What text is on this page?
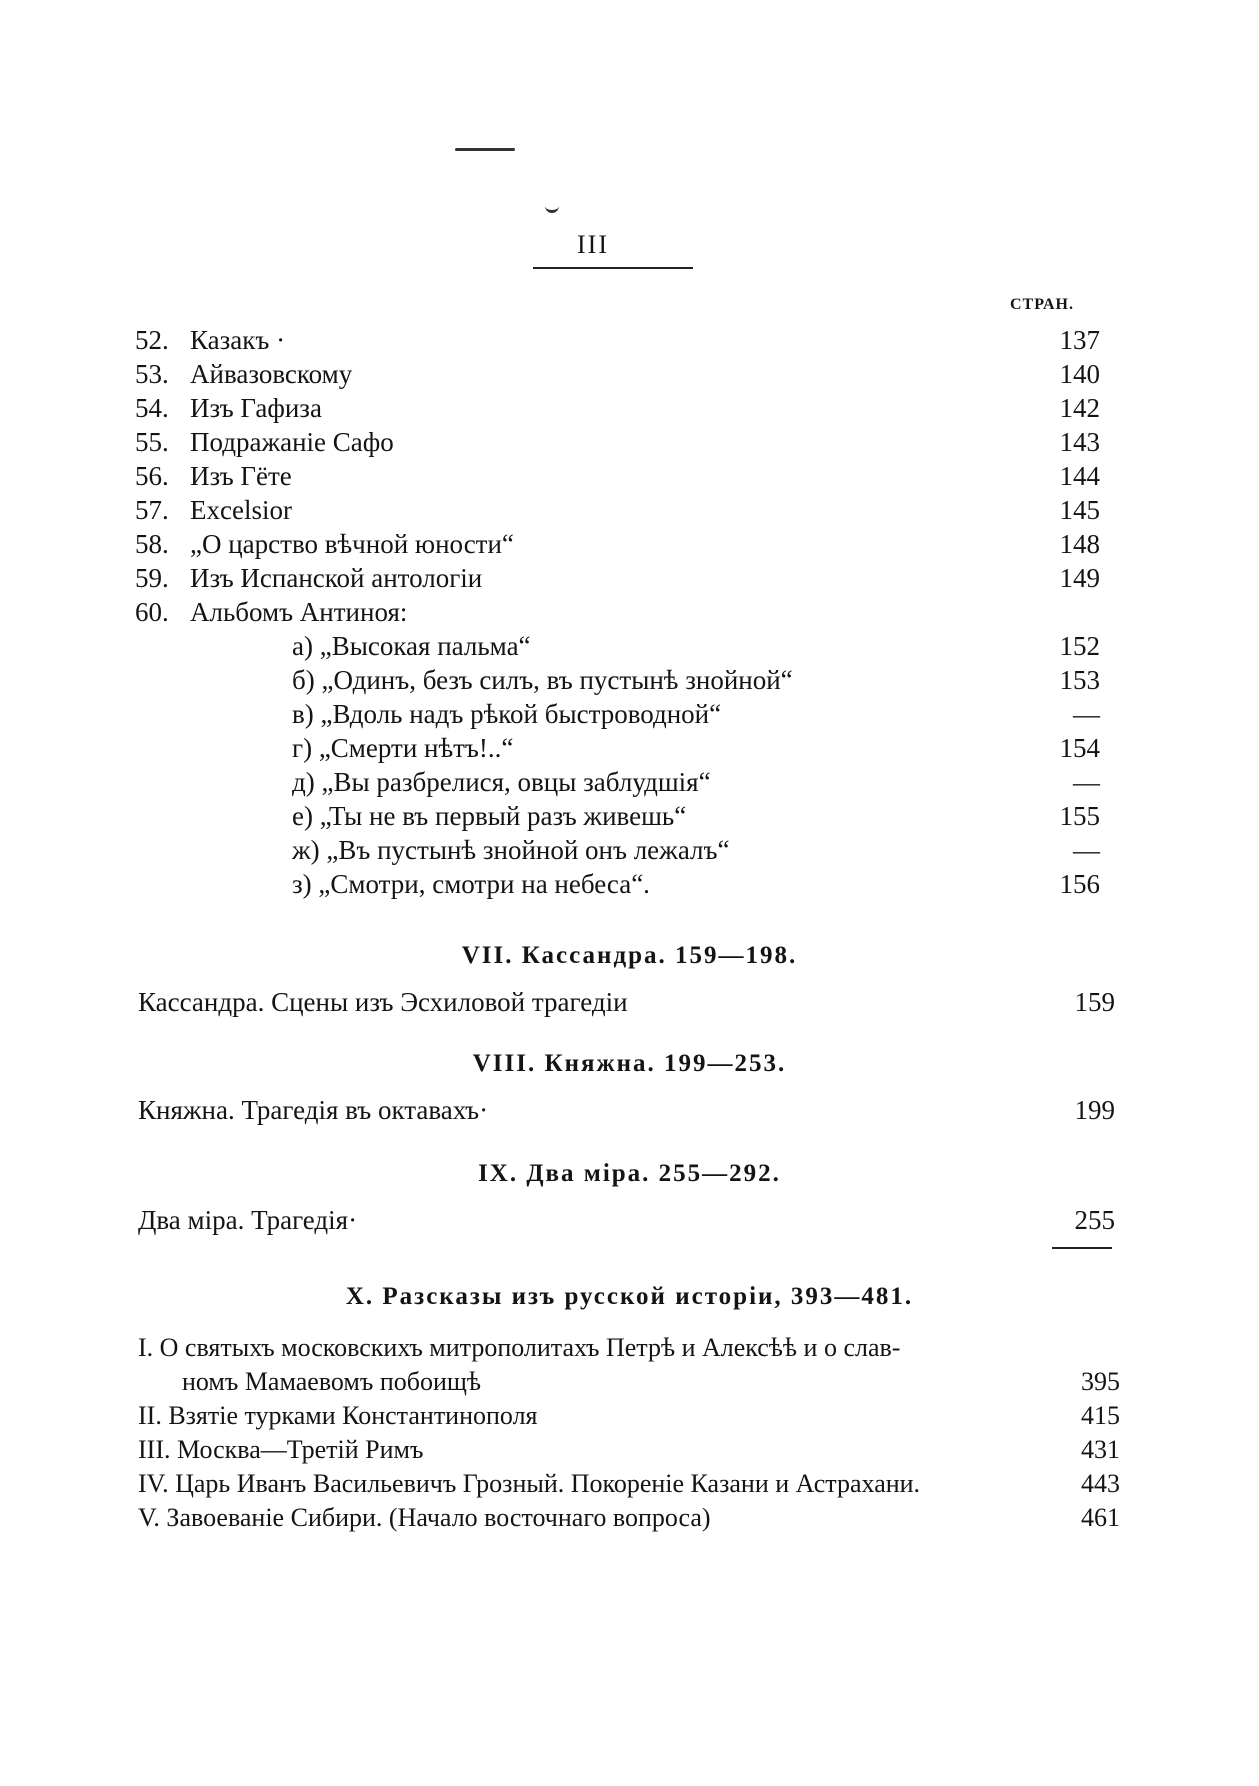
III
СТРАН.
52. Казакъ ·	137
53. Айвазовскому	140
54. Изъ Гафиза	142
55. Подражаніе Сафо	143
56. Изъ Гёте	144
57. Excelsior	145
58. „О царство вѣчной юности“	148
59. Изъ Испанской антологіи	149
60. Альбомъ Антиноя:
а) „Высокая пальма“	152
б) „Одинъ, безъ силъ, въ пустынѣ знойной“	153
в) „Вдоль надъ рѣкой быстроводной“	—
г) „Смерти нѣтъ!..“	154
д) „Вы разбрелися, овцы заблудшія“	—
е) „Ты не въ первый разъ живешь“	155
ж) „Въ пустынѣ знойной онъ лежалъ“	—
з) „Смотри, смотри на небеса“.	156
VII. Кассандра. 159—198.
Кассандра. Сцены изъ Эсхиловой трагедіи	159
VIII. Княжна. 199—253.
Княжна. Трагедія въ октавахъ·	199
IX. Два міра. 255—292.
Два міра. Трагедія·	255
X. Разсказы изъ русской исторіи, 393—481.
I. О святыхъ московскихъ митрополитахъ Петрѣ и Алексѣѣ и о слав-
номъ Мамаевомъ побоищѣ	395
II. Взятіе турками Константинополя	415
III. Москва—Третій Римъ	431
IV. Царь Иванъ Васильевичъ Грозный. Покореніе Казани и Астрахани.	443
V. Завоеваніе Сибири. (Начало восточнаго вопроса)	461
